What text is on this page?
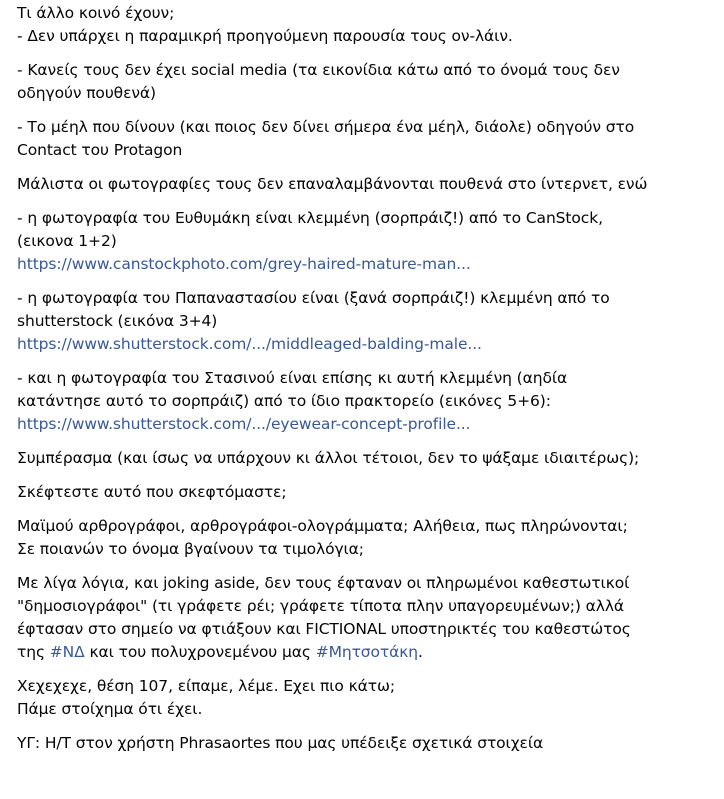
Τι άλλο κοινό έχουν;
- Δεν υπάρχει η παραμικρή προηγούμενη παρουσία τους ον-λάιν.
- Κανείς τους δεν έχει social media (τα εικονίδια κάτω από το όνομά τους δεν
οδηγούν πουθενά)
- Το μέηλ που δίνουν (και ποιος δεν δίνει σήμερα ένα μέηλ, διάολε) οδηγούν στο
Contact του Protagon
Μάλιστα οι φωτογραφίες τους δεν επαναλαμβάνονται πουθενά στο ίντερνετ, ενώ
- η φωτογραφία του Ευθυμάκη είναι κλεμμένη (σορπράιζ!) από το CanStock,
(εικονα 1+2)
https://www.canstockphoto.com/grey-haired-mature-man...
- η φωτογραφία του Παπαναστασίου είναι (ξανά σορπράιζ!) κλεμμένη από το
shutterstock (εικόνα 3+4)
https://www.shutterstock.com/.../middleaged-balding-male...
- και η φωτογραφία του Στασινού είναι επίσης κι αυτή κλεμμένη (αηδία
κατάντησε αυτό το σορπράιζ) από το ίδιο πρακτορείο (εικόνες 5+6):
https://www.shutterstock.com/.../eyewear-concept-profile...
Συμπέρασμα (και ίσως να υπάρχουν κι άλλοι τέτοιοι, δεν το ψάξαμε ιδιαιτέρως);
Σκέφτεστε αυτό που σκεφτόμαστε;
Μαϊμού αρθρογράφοι, αρθρογράφοι-ολογράμματα; Αλήθεια, πως πληρώνονται;
Σε ποιανών το όνομα βγαίνουν τα τιμολόγια;
Με λίγα λόγια, και joking aside, δεν τους έφταναν οι πληρωμένοι καθεστωτικοί
"δημοσιογράφοι" (τι γράφετε ρέι; γράφετε τίποτα πλην υπαγορευμένων;) αλλά
έφτασαν στο σημείο να φτιάξουν και FICTIONAL υποστηρικτές του καθεστώτος
της #ΝΔ και του πολυχρονεμένου μας #Μητσοτάκη.
Χεχεχεχε, θέση 107, είπαμε, λέμε. Εχει πιο κάτω;
Πάμε στοίχημα ότι έχει.
ΥΓ: Η/Τ στον χρήστη Phrasaortes που μας υπέδειξε σχετικά στοιχεία
